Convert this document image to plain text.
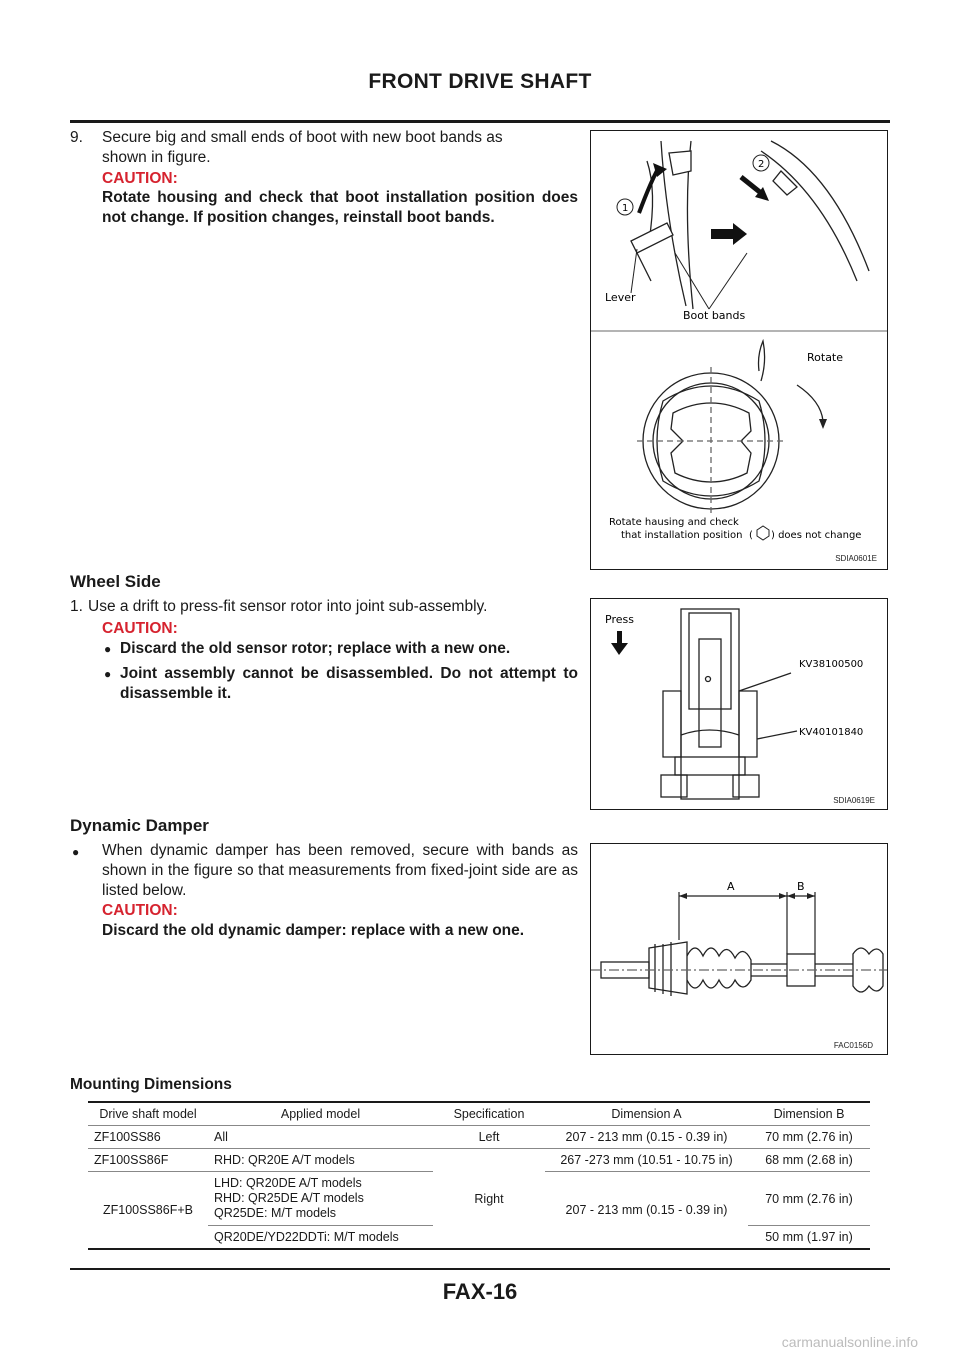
FRONT DRIVE SHAFT
9.	Secure big and small ends of boot with new boot bands as
shown in figure.
CAUTION:
Rotate housing and check that boot installation position does not change. If position changes, reinstall boot bands.
1
2
Lever
Boot bands
Rotate
Rotate hausing and check
that installation position ( ) does not change
SDIA0601E
Wheel Side
1. Use a drift to press-fit sensor rotor into joint sub-assembly.
CAUTION:
● Discard the old sensor rotor; replace with a new one.
● Joint assembly cannot be disassembled. Do not attempt to disassemble it.
Press
KV38100500
KV40101840
SDIA0619E
Dynamic Damper
● When dynamic damper has been removed, secure with bands as shown in the figure so that measurements from fixed-joint side are as listed below.
CAUTION:
Discard the old dynamic damper: replace with a new one.
A	B
FAC0156D
Mounting Dimensions
Drive shaft model	Applied model	Specification	Dimension A	Dimension B
ZF100SS86	All	Left	207 - 213 mm (0.15 - 0.39 in)	70 mm (2.76 in)
ZF100SS86F	RHD: QR20E A/T models	Right	267 -273 mm (10.51 - 10.75 in)	68 mm (2.68 in)
ZF100SS86F+B	LHD: QR20DE A/T models
RHD: QR25DE A/T models
QR25DE: M/T models		207 - 213 mm (0.15 - 0.39 in)	70 mm (2.76 in)
	QR20DE/YD22DDTi: M/T models			50 mm (1.97 in)
FAX-16
carmanualsonline.info
